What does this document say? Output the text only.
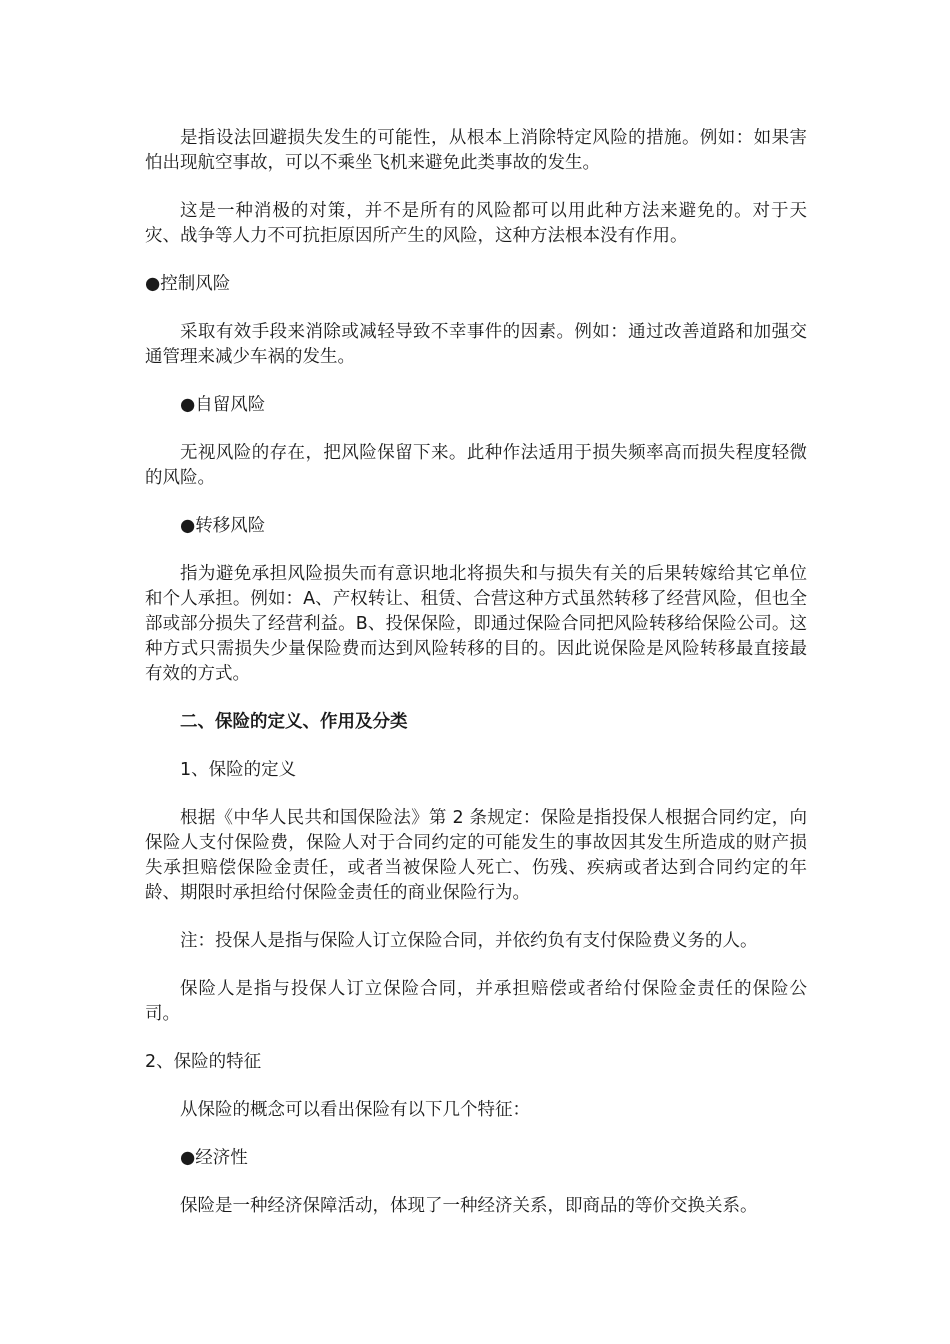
是指设法回避损失发生的可能性，从根本上消除特定风险的措施。例如：如果害怕出现航空事故，可以不乘坐飞机来避免此类事故的发生。

这是一种消极的对策，并不是所有的风险都可以用此种方法来避免的。对于天灾、战争等人力不可抗拒原因所产生的风险，这种方法根本没有作用。

●控制风险

采取有效手段来消除或减轻导致不幸事件的因素。例如：通过改善道路和加强交通管理来减少车祸的发生。

●自留风险

无视风险的存在，把风险保留下来。此种作法适用于损失频率高而损失程度轻微的风险。

●转移风险

指为避免承担风险损失而有意识地北将损失和与损失有关的后果转嫁给其它单位和个人承担。例如：A、产权转让、租赁、合营这种方式虽然转移了经营风险，但也全部或部分损失了经营利益。B、投保保险，即通过保险合同把风险转移给保险公司。这种方式只需损失少量保险费而达到风险转移的目的。因此说保险是风险转移最直接最有效的方式。

二、保险的定义、作用及分类

1、保险的定义

根据《中华人民共和国保险法》第 2 条规定：保险是指投保人根据合同约定，向保险人支付保险费，保险人对于合同约定的可能发生的事故因其发生所造成的财产损失承担赔偿保险金责任，或者当被保险人死亡、伤残、疾病或者达到合同约定的年龄、期限时承担给付保险金责任的商业保险行为。

注：投保人是指与保险人订立保险合同，并依约负有支付保险费义务的人。

保险人是指与投保人订立保险合同，并承担赔偿或者给付保险金责任的保险公司。

2、保险的特征

从保险的概念可以看出保险有以下几个特征：

●经济性

保险是一种经济保障活动，体现了一种经济关系，即商品的等价交换关系。
